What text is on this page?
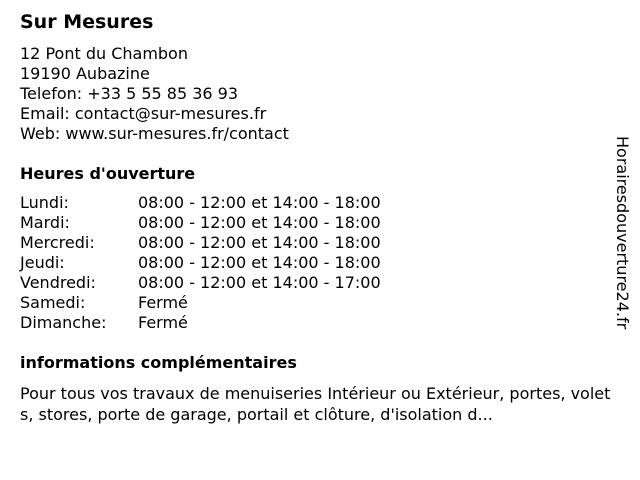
Sur Mesures
12 Pont du Chambon
19190 Aubazine
Telefon: +33 5 55 85 36 93
Email: contact@sur-mesures.fr
Web: www.sur-mesures.fr/contact
Heures d'ouverture
Lundi:	08:00 - 12:00 et 14:00 - 18:00
Mardi:	08:00 - 12:00 et 14:00 - 18:00
Mercredi:	08:00 - 12:00 et 14:00 - 18:00
Jeudi:	08:00 - 12:00 et 14:00 - 18:00
Vendredi:	08:00 - 12:00 et 14:00 - 17:00
Samedi:	Fermé
Dimanche:	Fermé
informations complémentaires
Pour tous vos travaux de menuiseries Intérieur ou Extérieur, portes, volets, stores, porte de garage, portail et clôture, d'isolation d...
Horairesdouverture24.fr
